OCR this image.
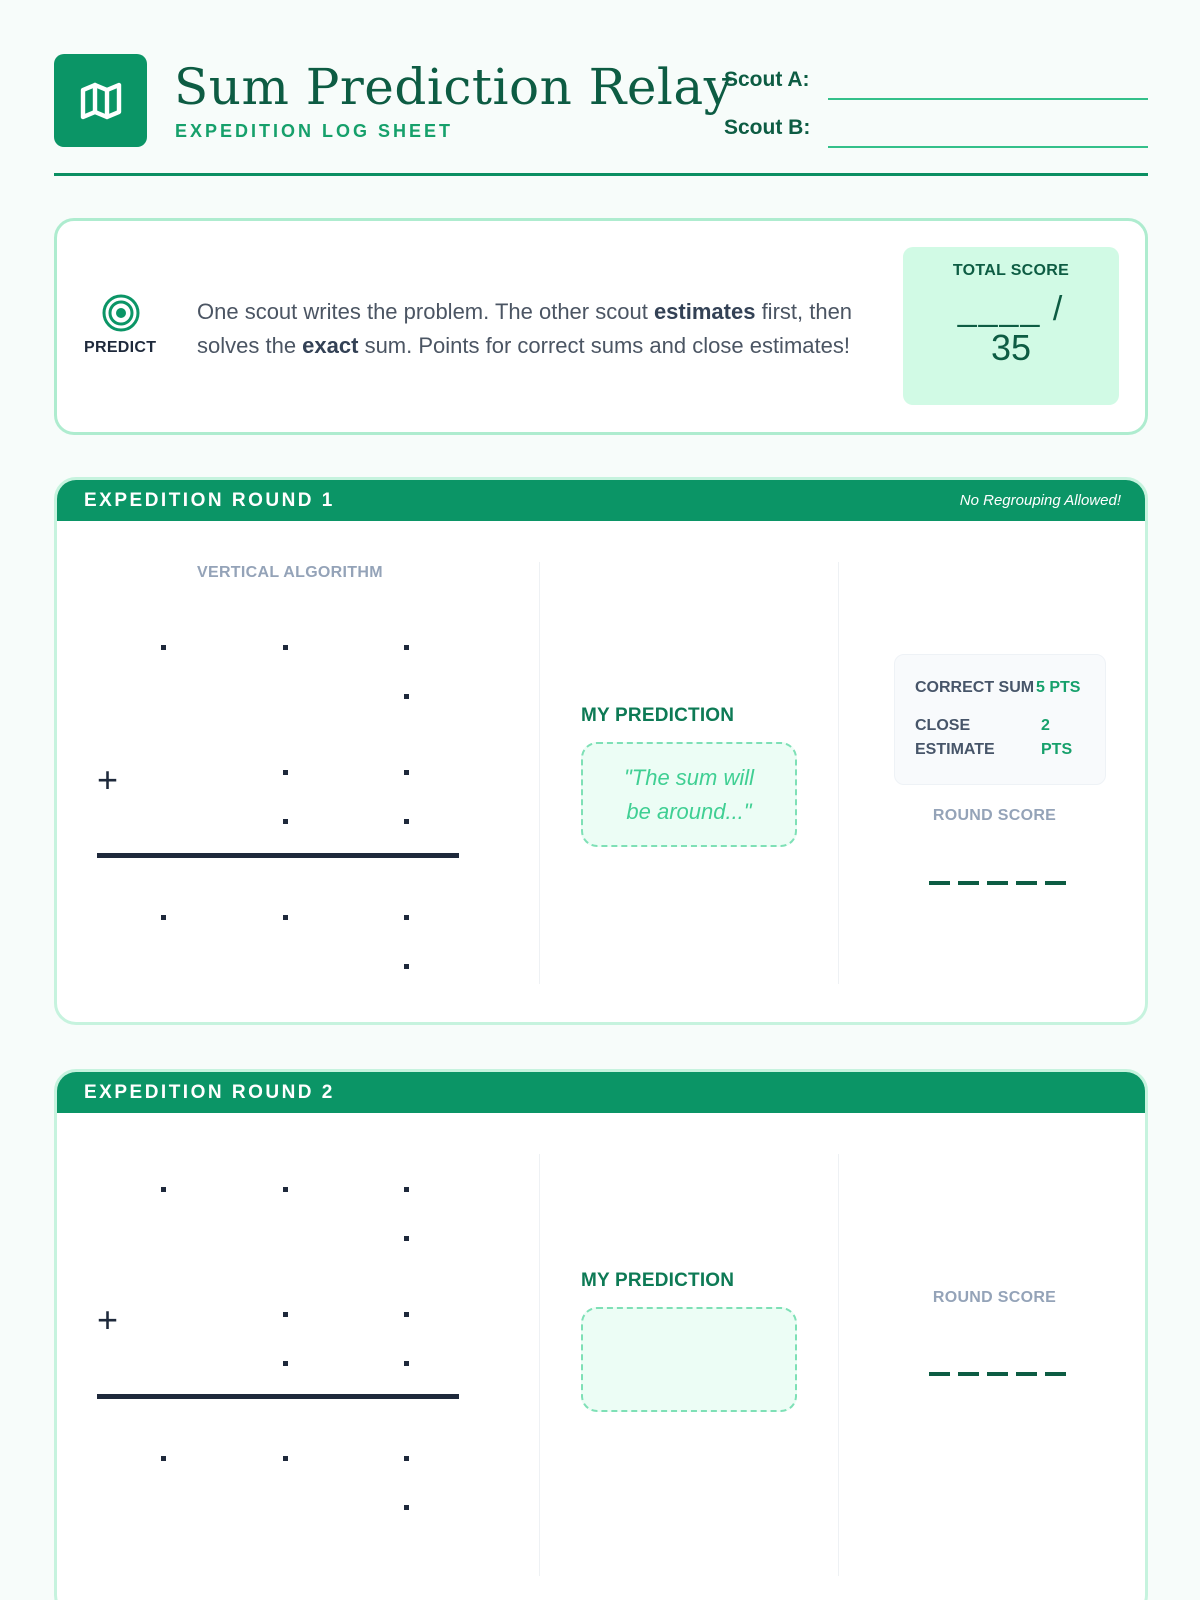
Sum Prediction Relay
EXPEDITION LOG SHEET
Scout A:
Scout B:
PREDICT
One scout writes the problem. The other scout estimates first, then solves the exact sum. Points for correct sums and close estimates!
TOTAL SCORE
____ /
35
EXPEDITION ROUND 1	No Regrouping Allowed!
VERTICAL ALGORITHM
+
MY PREDICTION
"The sum will be around..."
CORRECT SUM 5 PTS
CLOSE
ESTIMATE
2
PTS
ROUND SCORE
EXPEDITION ROUND 2
+
MY PREDICTION
ROUND SCORE
